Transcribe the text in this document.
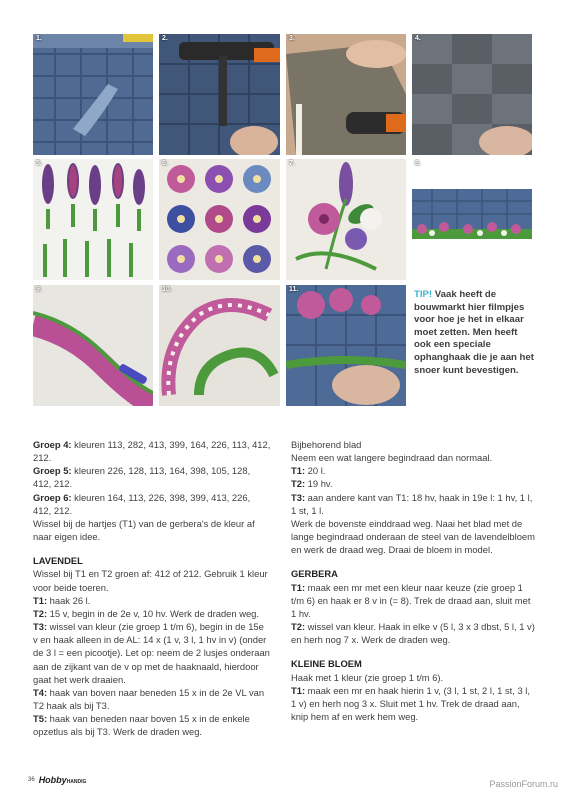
1.	2.	3.	4.
5.	6.	7.	8.
9.	10.	11.	TIP! Vaak heeft de bouwmarkt hier filmpjes voor hoe je het in elkaar moet zetten. Men heeft ook een speciale ophanghaak die je aan het snoer kunt bevestigen.

Groep 4: kleuren 113, 282, 413, 399, 164, 226, 113, 412, 212.

Groep 5: kleuren 226, 128, 113, 164, 398, 105, 128, 412, 212.

Groep 6: kleuren 164, 113, 226, 398, 399, 413, 226, 412, 212.

Wissel bij de hartjes (T1) van de gerbera's de kleur af naar eigen idee.

LAVENDEL

Wissel bij T1 en T2 groen af: 412 of 212. Gebruik 1 kleur voor beide toeren.

T1: haak 26 l.

T2: 15 v, begin in de 2e v, 10 hv. Werk de draden weg.

T3: wissel van kleur (zie groep 1 t/m 6), begin in de 15e v en haak alleen in de AL: 14 x (1 v, 3 l, 1 hv in v) (onder de 3 l = een picootje). Let op: neem de 2 lusjes onderaan aan de zijkant van de v op met de haaknaald, hierdoor gaat het werk draaien.

T4: haak van boven naar beneden 15 x in de 2e VL van T2 haak als bij T3.

T5: haak van beneden naar boven 15 x in de enkele opzetlus als bij T3. Werk de draden weg.

Bijbehorend blad

Neem een wat langere begindraad dan normaal.

T1: 20 l.

T2: 19 hv.

T3: aan andere kant van T1: 18 hv, haak in 19e l: 1 hv, 1 l, 1 st, 1 l.

Werk de bovenste einddraad weg. Naai het blad met de lange begindraad onderaan de steel van de lavendelbloem en werk de draad weg. Draai de bloem in model.

GERBERA

T1: maak een mr met een kleur naar keuze (zie groep 1 t/m 6) en haak er 8 v in (= 8). Trek de draad aan, sluit met 1 hv.

T2: wissel van kleur. Haak in elke v (5 l, 3 x 3 dbst, 5 l, 1 v) en herh nog 7 x. Werk de draden weg.

KLEINE BLOEM

Haak met 1 kleur (zie groep 1 t/m 6).

T1: maak een mr en haak hierin 1 v, (3 l, 1 st, 2 l, 1 st, 3 l, 1 v) en herh nog 3 x. Sluit met 1 hv. Trek de draad aan, knip hem af en werk hem weg.

36 HobbyHANDIG	PassionForum.ru
